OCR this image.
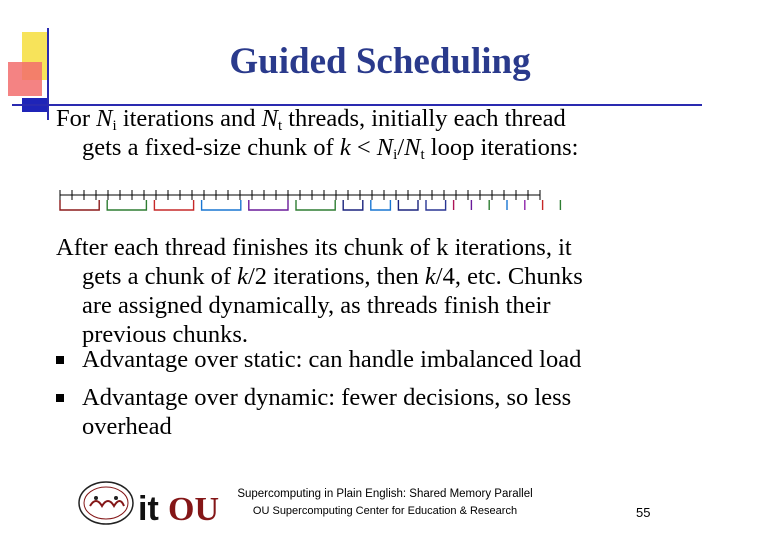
Guided Scheduling

For $N_i$ iterations and $N_t$ threads, initially each thread
gets a fixed-size chunk of $k < N_i/N_t$ loop iterations:

After each thread finishes its chunk of k iterations, it
gets a chunk of k/2 iterations, then k/4, etc. Chunks
are assigned dynamically, as threads finish their
previous chunks.

Advantage over static: can handle imbalanced load
Advantage over dynamic: fewer decisions, so less
overhead
it OU	Supercomputing in Plain English: Shared Memory Parallel
OU Supercomputing Center for Education & Research	55
